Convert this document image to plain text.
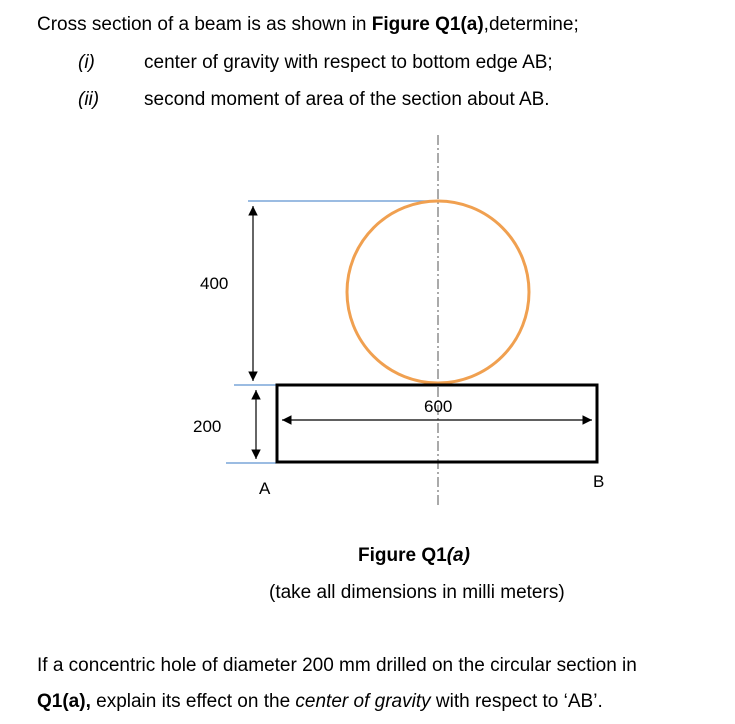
Cross section of a beam is as shown in Figure Q1(a),determine;
(i)	center of gravity with respect to bottom edge AB;
(ii) second moment of area of the section about AB.
400
200
600
A	B
Figure Q1(a)
(take all dimensions in milli meters)
If a concentric hole of diameter 200 mm drilled on the circular section in
Q1(a), explain its effect on the center of gravity with respect to ‘AB’.
